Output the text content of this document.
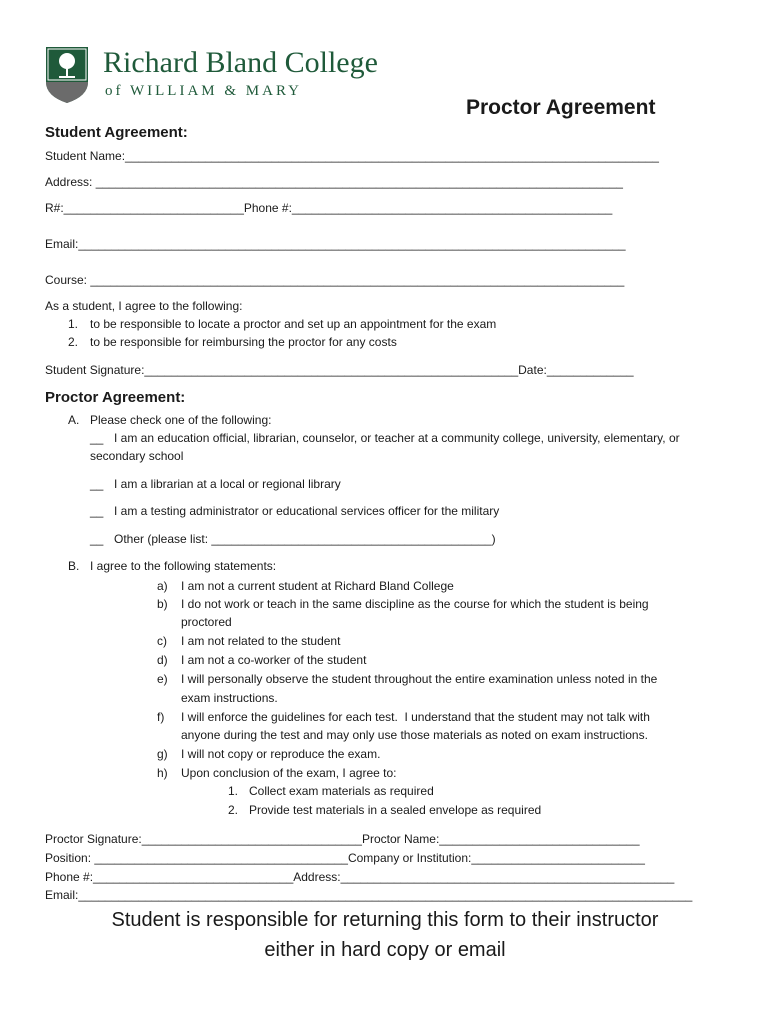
Richard Bland College
of WILLIAM & MARY
Proctor Agreement
Student Agreement:
Student Name:________________________________________________________________________________
Address: _______________________________________________________________________________
R#:___________________________Phone #:________________________________________________
Email:__________________________________________________________________________________
Course: ________________________________________________________________________________
As a student, I agree to the following:
1. to be responsible to locate a proctor and set up an appointment for the exam
2. to be responsible for reimbursing the proctor for any costs
Student Signature:________________________________________________________Date:_____________
Proctor Agreement:
A. Please check one of the following:
__ I am an education official, librarian, counselor, or teacher at a community college, university, elementary, or
secondary school
__ I am a librarian at a local or regional library
__ I am a testing administrator or educational services officer for the military
__ Other (please list: __________________________________________)
B. I agree to the following statements:
a) I am not a current student at Richard Bland College
b) I do not work or teach in the same discipline as the course for which the student is being
proctored
c) I am not related to the student
d) I am not a co-worker of the student
e) I will personally observe the student throughout the entire examination unless noted in the
exam instructions.
f) I will enforce the guidelines for each test.  I understand that the student may not talk with
anyone during the test and may only use those materials as noted on exam instructions.
g) I will not copy or reproduce the exam.
h) Upon conclusion of the exam, I agree to:
1. Collect exam materials as required
2. Provide test materials in a sealed envelope as required
Proctor Signature:_________________________________Proctor Name:______________________________
Position: ______________________________________Company or Institution:__________________________
Phone #:______________________________Address:__________________________________________________
Email:____________________________________________________________________________________________
Student is responsible for returning this form to their instructor
either in hard copy or email
